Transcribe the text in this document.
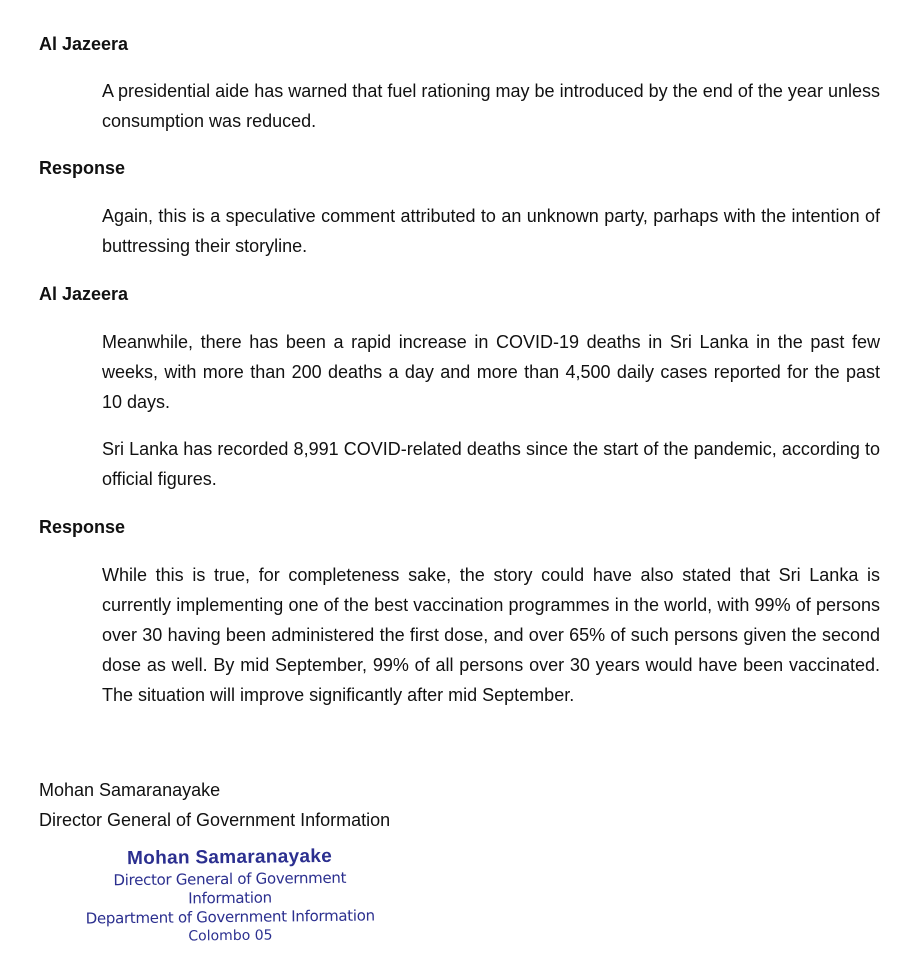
Al Jazeera
A presidential aide has warned that fuel rationing may be introduced by the end of the year unless consumption was reduced.
Response
Again, this is a speculative comment attributed to an unknown party, parhaps with the intention of buttressing their storyline.
Al Jazeera
Meanwhile, there has been a rapid increase in COVID-19 deaths in Sri Lanka in the past few weeks, with more than 200 deaths a day and more than 4,500 daily cases reported for the past 10 days.
Sri Lanka has recorded 8,991 COVID-related deaths since the start of the pandemic, according to official figures.
Response
While this is true, for completeness sake, the story could have also stated that Sri Lanka is currently implementing one of the best vaccination programmes in the world, with 99% of persons over 30 having been administered the first dose, and over 65% of such persons given the second dose as well. By mid September, 99% of all persons over 30 years would have been vaccinated. The situation will improve significantly after mid September.
Mohan Samaranayake
Director General of Government Information
Mohan Samaranayake
Director General of Government Information
Department of Government Information
Colombo 05
